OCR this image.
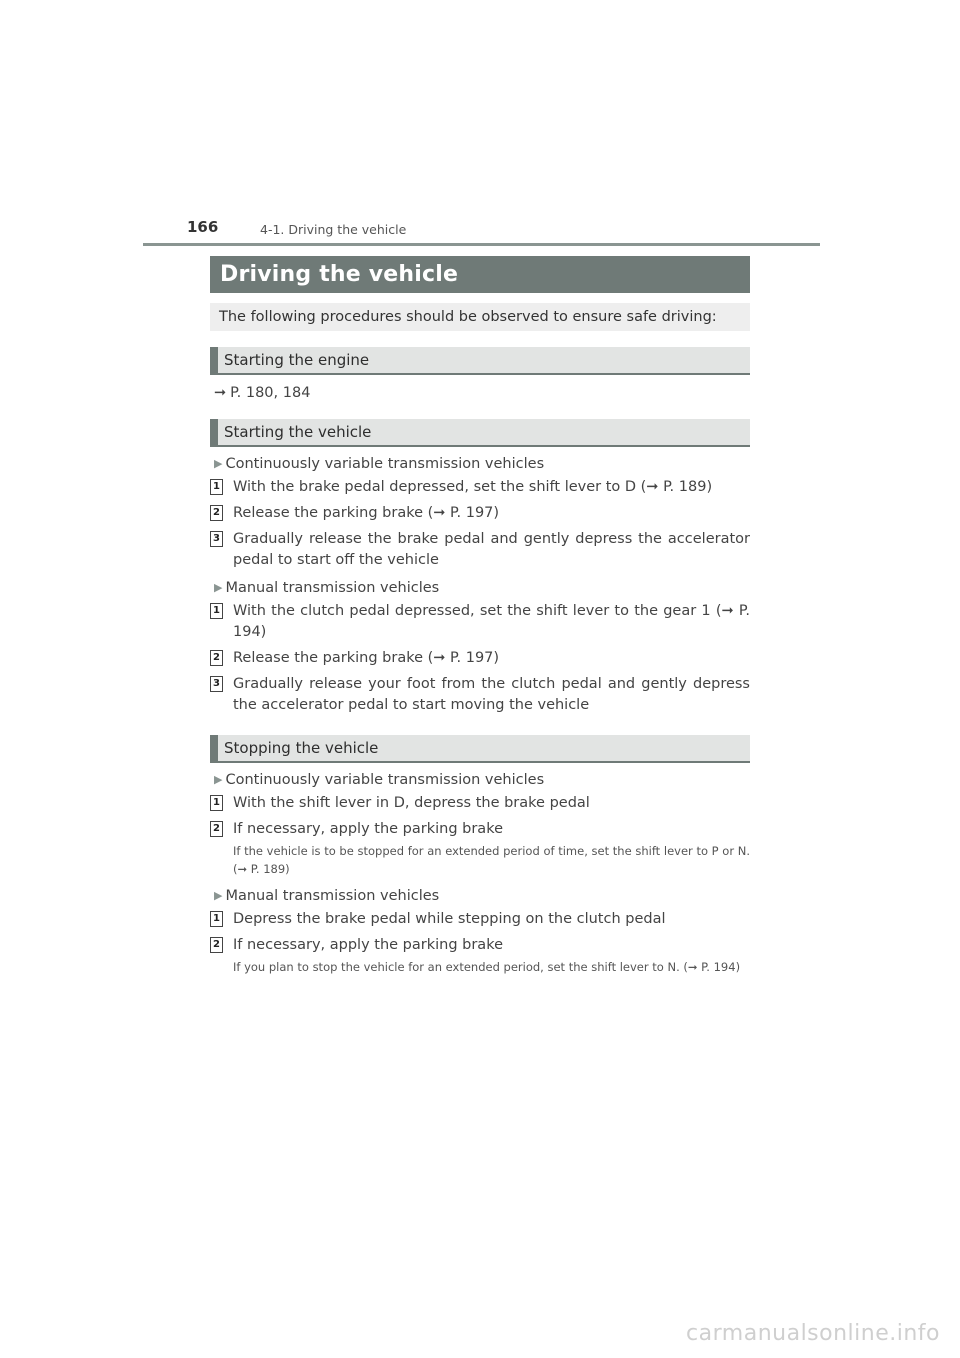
166	4-1. Driving the vehicle
Driving the vehicle
The following procedures should be observed to ensure safe driving:
Starting the engine
➞ P. 180, 184
Starting the vehicle
▶ Continuously variable transmission vehicles
1 With the brake pedal depressed, set the shift lever to D (➞ P. 189)
2 Release the parking brake (➞ P. 197)
3 Gradually release the brake pedal and gently depress the accelerator pedal to start off the vehicle
▶ Manual transmission vehicles
1 With the clutch pedal depressed, set the shift lever to the gear 1 (➞ P. 194)
2 Release the parking brake (➞ P. 197)
3 Gradually release your foot from the clutch pedal and gently depress the accelerator pedal to start moving the vehicle
Stopping the vehicle
▶ Continuously variable transmission vehicles
1 With the shift lever in D, depress the brake pedal
2 If necessary, apply the parking brake
If the vehicle is to be stopped for an extended period of time, set the shift lever to P or N. (➞ P. 189)
▶ Manual transmission vehicles
1 Depress the brake pedal while stepping on the clutch pedal
2 If necessary, apply the parking brake
If you plan to stop the vehicle for an extended period, set the shift lever to N. (➞ P. 194)
carmanualsonline.info
